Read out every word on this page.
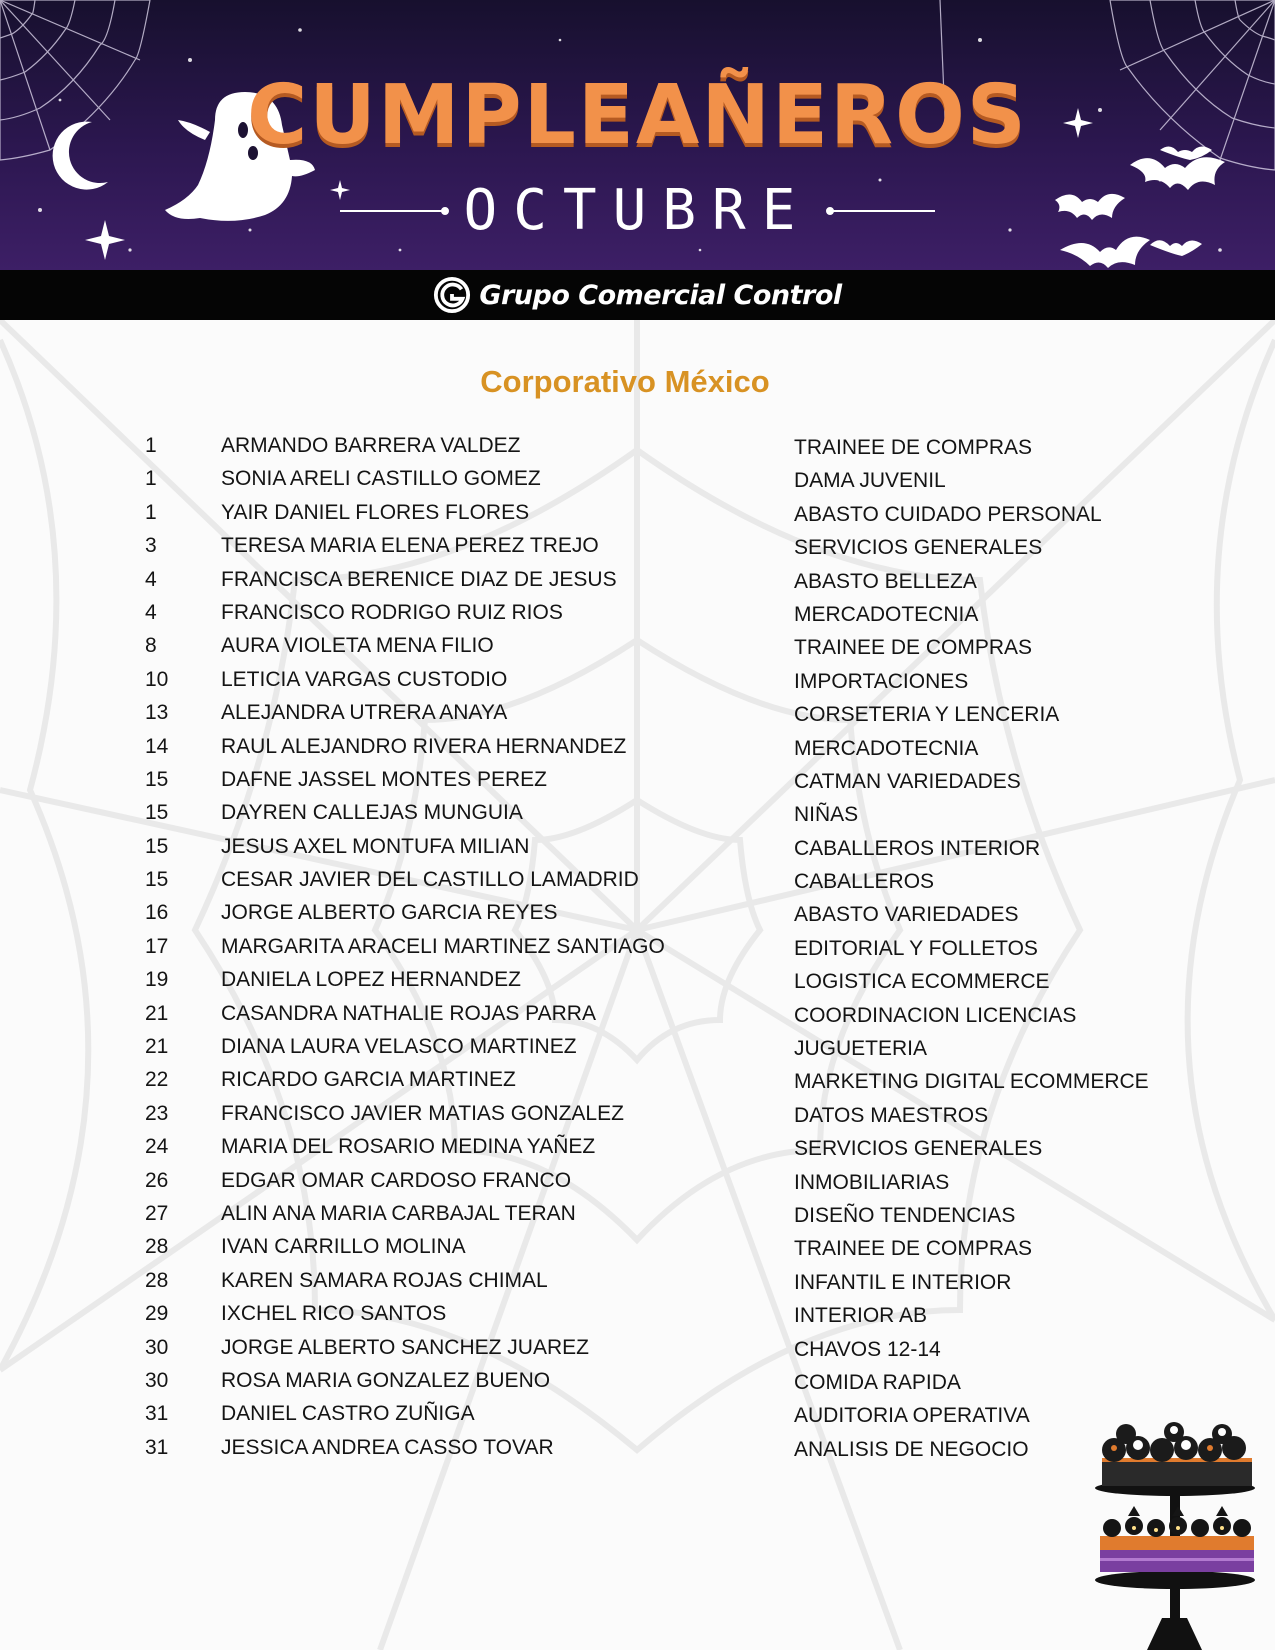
CUMPLEAÑEROS
OCTUBRE
Grupo Comercial Control
Corporativo México
1	ARMANDO BARRERA VALDEZ	TRAINEE DE COMPRAS
1	SONIA ARELI CASTILLO GOMEZ	DAMA JUVENIL
1	YAIR DANIEL FLORES FLORES	ABASTO CUIDADO PERSONAL
3	TERESA MARIA ELENA PEREZ TREJO	SERVICIOS GENERALES
4	FRANCISCA BERENICE DIAZ DE JESUS	ABASTO BELLEZA
4	FRANCISCO RODRIGO RUIZ RIOS	MERCADOTECNIA
8	AURA VIOLETA MENA FILIO	TRAINEE DE COMPRAS
10	LETICIA VARGAS CUSTODIO	IMPORTACIONES
13	ALEJANDRA UTRERA ANAYA	CORSETERIA Y LENCERIA
14	RAUL ALEJANDRO RIVERA HERNANDEZ	MERCADOTECNIA
15	DAFNE JASSEL MONTES PEREZ	CATMAN VARIEDADES
15	DAYREN CALLEJAS MUNGUIA	NIÑAS
15	JESUS AXEL MONTUFA MILIAN	CABALLEROS INTERIOR
15	CESAR JAVIER DEL CASTILLO LAMADRID	CABALLEROS
16	JORGE ALBERTO GARCIA REYES	ABASTO VARIEDADES
17	MARGARITA ARACELI MARTINEZ SANTIAGO	EDITORIAL Y FOLLETOS
19	DANIELA LOPEZ HERNANDEZ	LOGISTICA ECOMMERCE
21	CASANDRA NATHALIE ROJAS PARRA	COORDINACION LICENCIAS
21	DIANA LAURA VELASCO MARTINEZ	JUGUETERIA
22	RICARDO GARCIA MARTINEZ	MARKETING DIGITAL ECOMMERCE
23	FRANCISCO JAVIER MATIAS GONZALEZ	DATOS MAESTROS
24	MARIA DEL ROSARIO MEDINA YAÑEZ	SERVICIOS GENERALES
26	EDGAR OMAR CARDOSO FRANCO	INMOBILIARIAS
27	ALIN ANA MARIA CARBAJAL TERAN	DISEÑO TENDENCIAS
28	IVAN CARRILLO MOLINA	TRAINEE DE COMPRAS
28	KAREN SAMARA ROJAS CHIMAL	INFANTIL E INTERIOR
29	IXCHEL RICO SANTOS	INTERIOR AB
30	JORGE ALBERTO SANCHEZ JUAREZ	CHAVOS 12-14
30	ROSA MARIA GONZALEZ BUENO	COMIDA RAPIDA
31	DANIEL CASTRO ZUÑIGA	AUDITORIA OPERATIVA
31	JESSICA ANDREA CASSO TOVAR	ANALISIS DE NEGOCIO
